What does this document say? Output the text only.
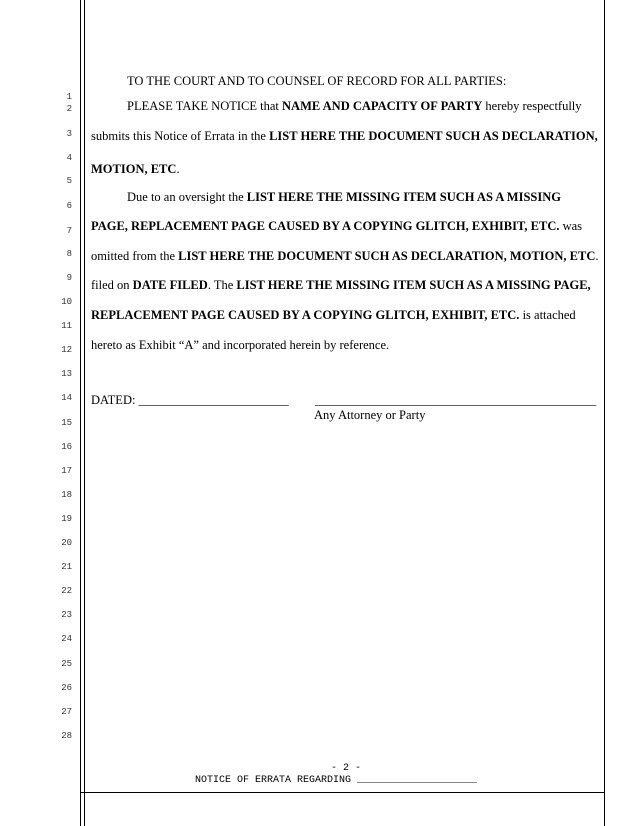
1
2
3
4
5
6
7
8
9
10
11
12
13
14
15
16
17
18
19
20
21
22
23
24
25
26
27
28
TO THE COURT AND TO COUNSEL OF RECORD FOR ALL PARTIES:
PLEASE TAKE NOTICE that NAME AND CAPACITY OF PARTY hereby respectfully
submits this Notice of Errata in the LIST HERE THE DOCUMENT SUCH AS DECLARATION,
MOTION, ETC.
Due to an oversight the LIST HERE THE MISSING ITEM SUCH AS A MISSING
PAGE, REPLACEMENT PAGE CAUSED BY A COPYING GLITCH, EXHIBIT, ETC. was
omitted from the LIST HERE THE DOCUMENT SUCH AS DECLARATION, MOTION, ETC.
filed on DATE FILED. The LIST HERE THE MISSING ITEM SUCH AS A MISSING PAGE,
REPLACEMENT PAGE CAUSED BY A COPYING GLITCH, EXHIBIT, ETC. is attached
hereto as Exhibit “A” and incorporated herein by reference.
DATED: ________________________ _____________________________________________
Any Attorney or Party
- 2 -
NOTICE OF ERRATA REGARDING ____________________
